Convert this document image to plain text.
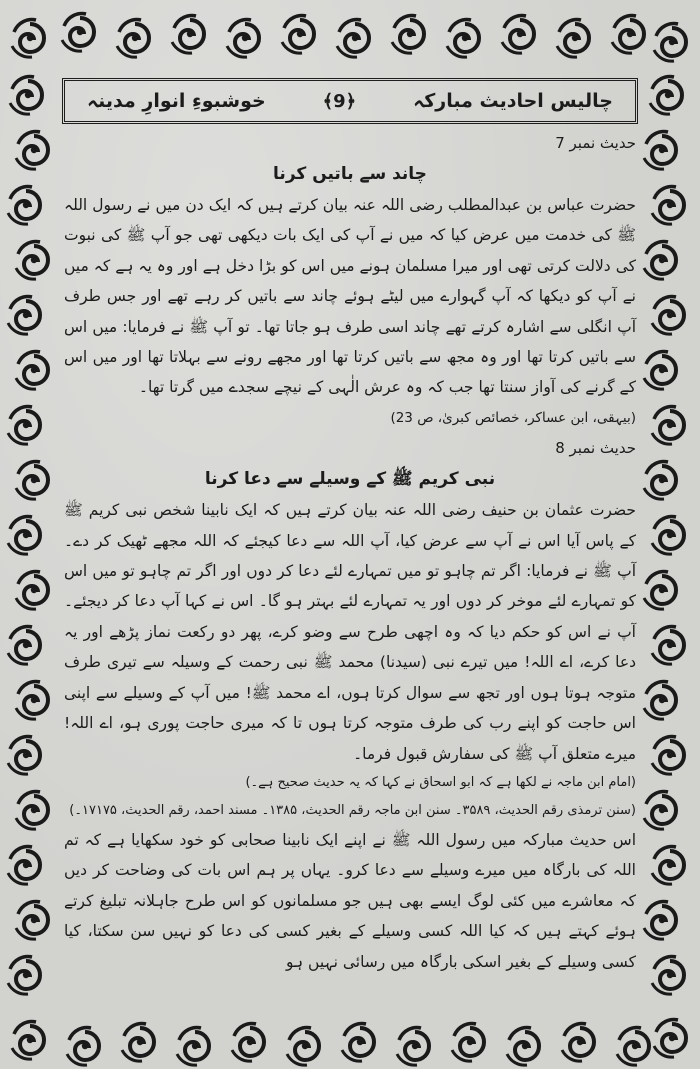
چالیس احادیث مبارکہ
﴿9﴾
خوشبوءِ انوارِ مدینہ

حدیث نمبر 7

چاند سے باتیں کرنا

حضرت عباس بن عبدالمطلب رضی اللہ عنہ بیان کرتے ہیں کہ ایک دن میں نے رسول اللہ ﷺ کی خدمت میں عرض کیا کہ میں نے آپ کی ایک بات دیکھی تھی جو آپ ﷺ کی نبوت کی دلالت کرتی تھی اور میرا مسلمان ہونے میں اس کو بڑا دخل ہے اور وہ یہ ہے کہ میں نے آپ کو دیکھا کہ آپ گہوارے میں لیٹے ہوئے چاند سے باتیں کر رہے تھے اور جس طرف آپ انگلی سے اشارہ کرتے تھے چاند اسی طرف ہو جاتا تھا۔ تو آپ ﷺ نے فرمایا: میں اس سے باتیں کرتا تھا اور وہ مجھ سے باتیں کرتا تھا اور مجھے رونے سے بہلاتا تھا اور میں اس کے گرنے کی آواز سنتا تھا جب کہ وہ عرش الٰہی کے نیچے سجدے میں گرتا تھا۔

(بیہقی، ابن عساکر، خصائص کبریٰ، ص 23)

حدیث نمبر 8

نبی کریم ﷺ کے وسیلے سے دعا کرنا

حضرت عثمان بن حنیف رضی اللہ عنہ بیان کرتے ہیں کہ ایک نابینا شخص نبی کریم ﷺ کے پاس آیا اس نے آپ سے عرض کیا، آپ اللہ سے دعا کیجئے کہ اللہ مجھے ٹھیک کر دے۔ آپ ﷺ نے فرمایا: اگر تم چاہو تو میں تمہارے لئے دعا کر دوں اور اگر تم چاہو تو میں اس کو تمہارے لئے موخر کر دوں اور یہ تمہارے لئے بہتر ہو گا۔ اس نے کہا آپ دعا کر دیجئے۔ آپ نے اس کو حکم دیا کہ وہ اچھی طرح سے وضو کرے، پھر دو رکعت نماز پڑھے اور یہ دعا کرے، اے اللہ! میں تیرے نبی (سیدنا) محمد ﷺ نبی رحمت کے وسیلہ سے تیری طرف متوجہ ہوتا ہوں اور تجھ سے سوال کرتا ہوں، اے محمد ﷺ! میں آپ کے وسیلے سے اپنی اس حاجت کو اپنے رب کی طرف متوجہ کرتا ہوں تا کہ میری حاجت پوری ہو، اے اللہ! میرے متعلق آپ ﷺ کی سفارش قبول فرما۔

(امام ابن ماجہ نے لکھا ہے کہ ابو اسحاق نے کہا کہ یہ حدیث صحیح ہے۔)

(سنن ترمذی رقم الحدیث، ۳۵۸۹۔ سنن ابن ماجہ رقم الحدیث، ۱۳۸۵۔ مسند احمد، رقم الحدیث، ۱۷۱۷۵۔)

اس حدیث مبارکہ میں رسول اللہ ﷺ نے اپنے ایک نابینا صحابی کو خود سکھایا ہے کہ تم اللہ کی بارگاہ میں میرے وسیلے سے دعا کرو۔ یہاں پر ہم اس بات کی وضاحت کر دیں کہ معاشرے میں کئی لوگ ایسے بھی ہیں جو مسلمانوں کو اس طرح جاہلانہ تبلیغ کرتے ہوئے کہتے ہیں کہ کیا اللہ کسی وسیلے کے بغیر کسی کی دعا کو نہیں سن سکتا، کیا کسی وسیلے کے بغیر اسکی بارگاہ میں رسائی نہیں ہو
